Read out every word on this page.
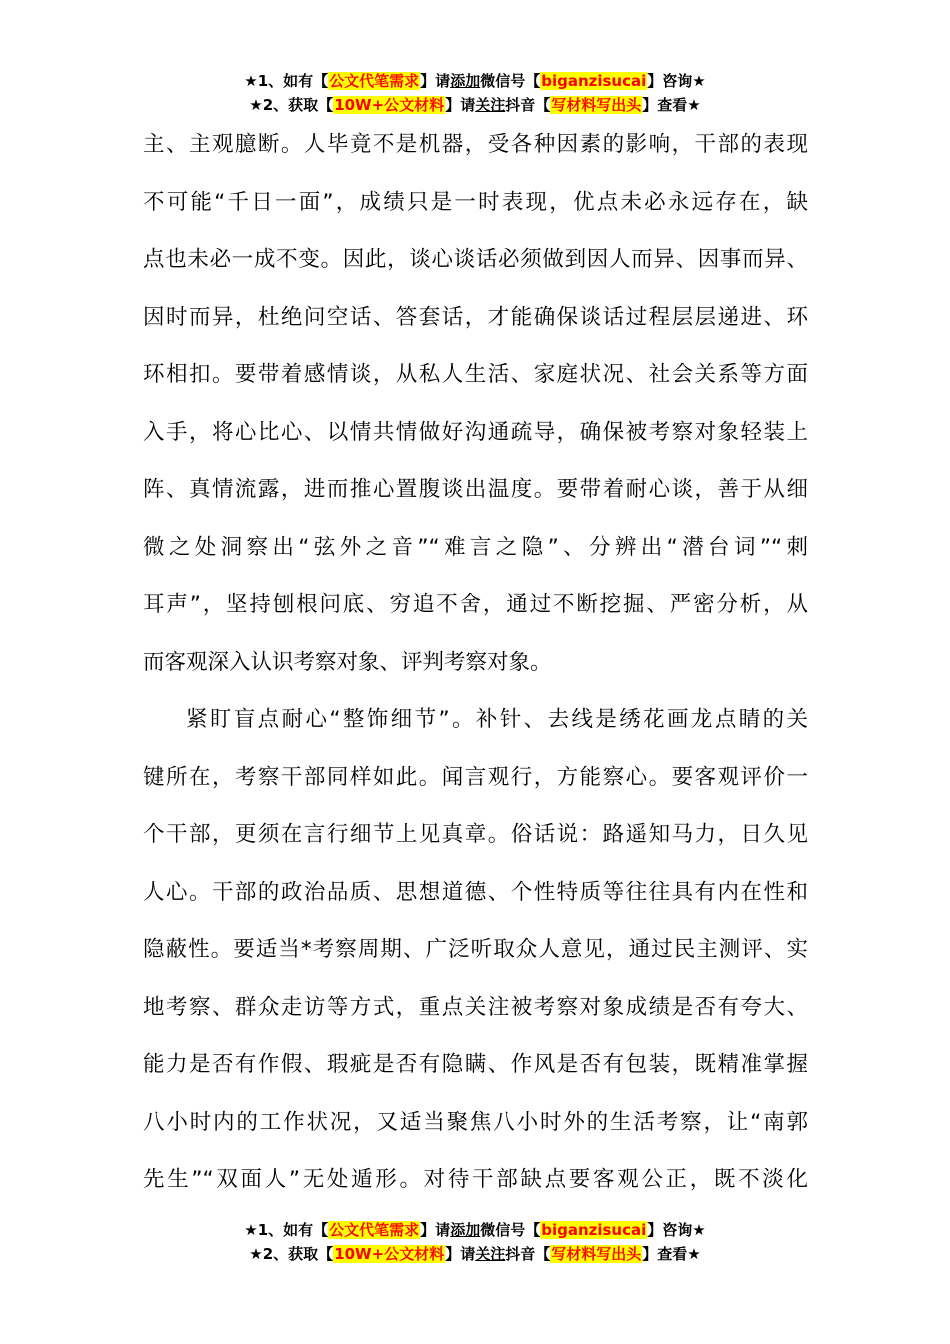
★1、如有【公文代笔需求】请添加微信号【biganzisucai】咨询★
★2、获取【10W+公文材料】请关注抖音【写材料写出头】查看★
主、主观臆断。人毕竟不是机器，受各种因素的影响，干部的表现
不可能“千日一面”，成绩只是一时表现，优点未必永远存在，缺
点也未必一成不变。因此，谈心谈话必须做到因人而异、因事而异、
因时而异，杜绝问空话、答套话，才能确保谈话过程层层递进、环
环相扣。要带着感情谈，从私人生活、家庭状况、社会关系等方面
入手，将心比心、以情共情做好沟通疏导，确保被考察对象轻装上
阵、真情流露，进而推心置腹谈出温度。要带着耐心谈，善于从细
微之处洞察出“弦外之音”“难言之隐”、分辨出“潜台词”“刺
耳声”，坚持刨根问底、穷追不舍，通过不断挖掘、严密分析，从
而客观深入认识考察对象、评判考察对象。
紧盯盲点耐心“整饰细节”。补针、去线是绣花画龙点睛的关
键所在，考察干部同样如此。闻言观行，方能察心。要客观评价一
个干部，更须在言行细节上见真章。俗话说：路遥知马力，日久见
人心。干部的政治品质、思想道德、个性特质等往往具有内在性和
隐蔽性。要适当*考察周期、广泛听取众人意见，通过民主测评、实
地考察、群众走访等方式，重点关注被考察对象成绩是否有夸大、
能力是否有作假、瑕疵是否有隐瞒、作风是否有包装，既精准掌握
八小时内的工作状况，又适当聚焦八小时外的生活考察，让“南郭
先生”“双面人”无处遁形。对待干部缺点要客观公正，既不淡化
★1、如有【公文代笔需求】请添加微信号【biganzisucai】咨询★
★2、获取【10W+公文材料】请关注抖音【写材料写出头】查看★
